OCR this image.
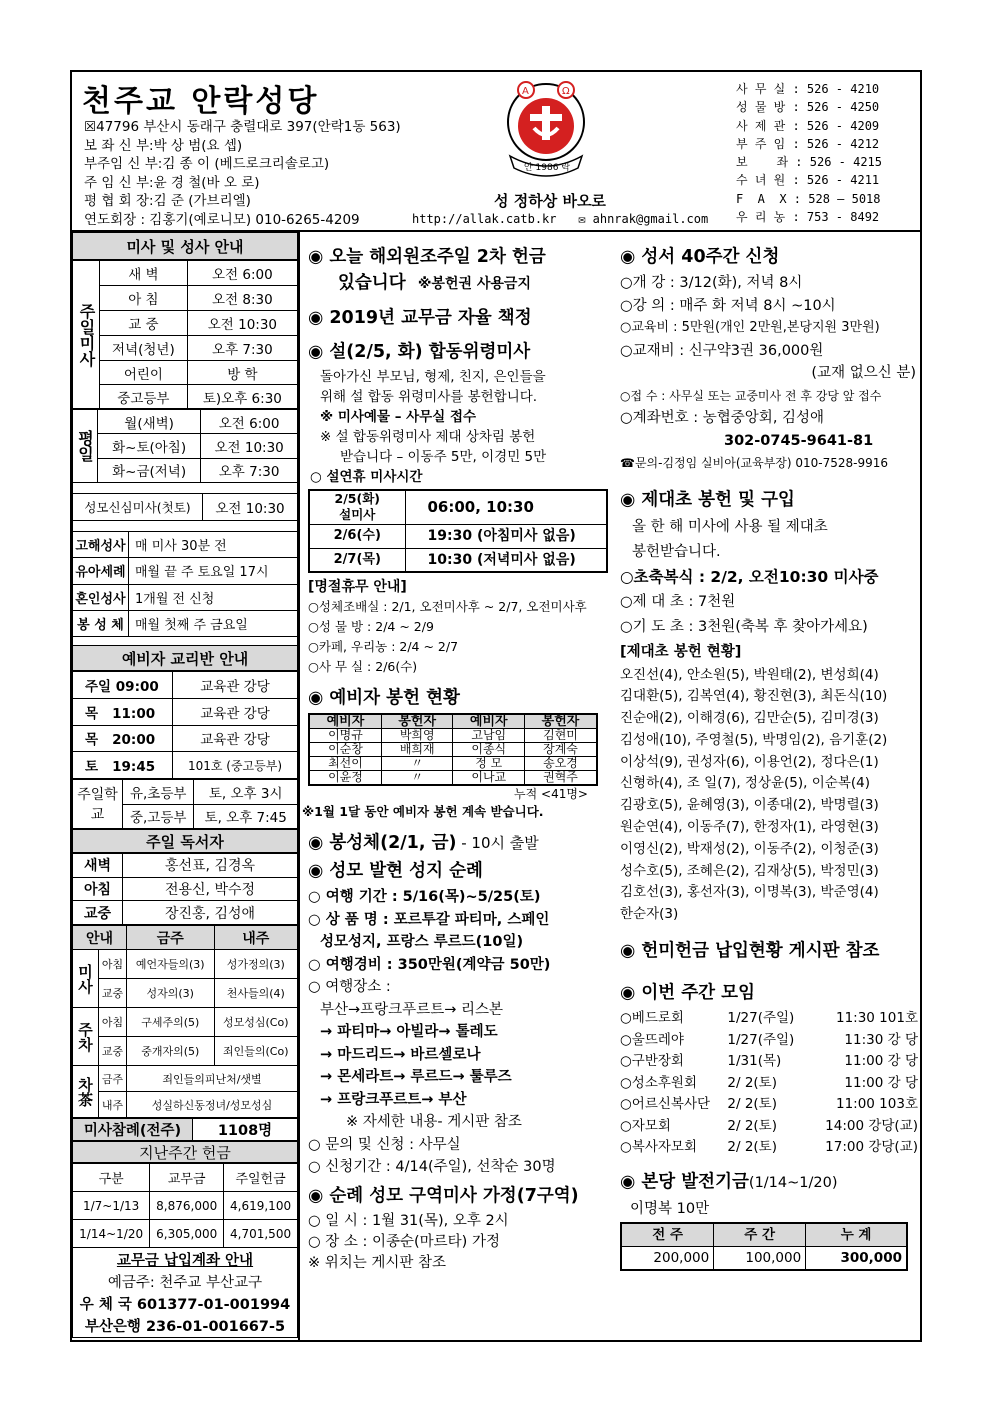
천주교 안락성당
☒47796 부산시 동래구 충렬대로 397(안락1동 563)
보 좌 신 부:박 상 범(요 셉)
부주임 신 부:김 종 이 (베드로크리솔로고)
주 임 신 부:윤 경 철(바 오 로)
평 협 회 장:김 준 (가브리엘)
연도회장 : 김홍기(예로니모) 010-6265-4209
A	Ω
안 1986 락
성 정하상 바오로
http://allak.catb.kr ✉ ahnrak@gmail.com
사 무 실 : 526 - 4210
성 물 방 : 526 - 4250
사 제 관 : 526 - 4209
부 주 임 : 526 - 4212
보    좌 : 526 - 4215
수 녀 원 : 526 - 4211
F  A  X : 528 – 5018
우 리 농 : 753 - 8492
미사 및 성사 안내
주일미사	새 벽	오전 6:00
	아 침	오전 8:30
	교 중	오전 10:30
	저녁(청년)	오후 7:30
	어린이	방 학
	중고등부	토)오후 6:30
평일	월(새벽)	오전 6:00
	화~토(아침)	오전 10:30
	화~금(저녁)	오후 7:30
성모신심미사(첫토)	오전 10:30
고해성사	매 미사 30분 전
유아세례	매월 끝 주 토요일 17시
혼인성사	1개월 전 신청
봉 성 체	매월 첫째 주 금요일
예비자 교리반 안내
주일 09:00	교육관 강당
목   11:00	교육관 강당
목   20:00	교육관 강당
토   19:45	101호 (중고등부)
주일학교	유,초등부	토, 오후 3시
	중,고등부	토, 오후 7:45
주일 독서자
새벽	홍선표, 김경옥
아침	전용신, 박수정
교중	장진홍, 김성애
안내		금주	내주
미사	아침	예언자들의(3)	성가정의(3)
	교중	성자의(3)	천사들의(4)
주차	아침	구세주의(5)	성모성심(Co)
	교중	중개자의(5)	죄인들의(Co)
차茶	금주	죄인들의피난처/샛별	
	내주	성실하신동정녀/성모성심	
미사참례(전주)	1108명
지난주간 헌금
구분	교무금	주일헌금
1/7~1/13	8,876,000	4,619,100
1/14~1/20	6,305,000	4,701,500
교무금 납입계좌 안내
예금주: 천주교 부산교구
우 체 국 601377-01-001994
부산은행 236-01-001667-5
◉ 오늘 해외원조주일 2차 헌금
있습니다 ※봉헌권 사용금지
◉ 2019년 교무금 자율 책정
◉ 설(2/5, 화) 합동위령미사
돌아가신 부모님, 형제, 친지, 은인들을
위해 설 합동 위령미사를 봉헌합니다.
※ 미사예물 – 사무실 접수
※ 설 합동위령미사 제대 상차림 봉헌
받습니다 – 이동주 5만, 이경민 5만
○ 설연휴 미사시간
2/5(화)
설미사	06:00, 10:30
2/6(수)	19:30 (아침미사 없음)
2/7(목)	10:30 (저녁미사 없음)
[명절휴무 안내]
○성체조배실 : 2/1, 오전미사후 ~ 2/7, 오전미사후
○성 물 방 : 2/4 ~ 2/9
○카페, 우리농 : 2/4 ~ 2/7
○사 무 실 : 2/6(수)
◉ 예비자 봉헌 현황
예비자	봉헌자	예비자	봉헌자
이명규	박희영	고남임	김현미
이순창	배희재	이종식	장계숙
최선이	〃	정 모	송오경
이윤정	〃	이나교	권혁주
누적 <41명>
※1월 1달 동안 예비자 봉헌 계속 받습니다.
◉ 봉성체(2/1, 금) - 10시 출발
◉ 성모 발현 성지 순례
○ 여행 기간 : 5/16(목)~5/25(토)
○ 상 품 명 : 포르투갈 파티마, 스페인
성모성지, 프랑스 루르드(10일)
○ 여행경비 : 350만원(계약금 50만)
○ 여행장소 :
부산→프랑크푸르트→ 리스본
→ 파티마→ 아빌라→ 톨레도
→ 마드리드→ 바르셀로나
→ 몬세라트→ 루르드→ 툴루즈
→ 프랑크푸르트→ 부산
※ 자세한 내용- 게시판 참조
○ 문의 및 신청 : 사무실
○ 신청기간 : 4/14(주일), 선착순 30명
◉ 순례 성모 구역미사 가정(7구역)
○ 일 시 : 1월 31(목), 오후 2시
○ 장 소 : 이종순(마르타) 가정
※ 위치는 게시판 참조
◉ 성서 40주간 신청
○개 강 : 3/12(화), 저녁 8시
○강 의 : 매주 화 저녁 8시 ~10시
○교육비 : 5만원(개인 2만원,본당지원 3만원)
○교재비 : 신구약3권 36,000원
(교재 없으신 분)
○접 수 : 사무실 또는 교중미사 전 후 강당 앞 접수
○계좌번호 : 농협중앙회, 김성애
302-0745-9641-81
☎문의-김정임 실비아(교육부장) 010-7528-9916
◉ 제대초 봉헌 및 구입
올 한 해 미사에 사용 될 제대초
봉헌받습니다.
○초축복식 : 2/2, 오전10:30 미사중
○제 대 초 : 7천원
○기 도 초 : 3천원(축복 후 찾아가세요)
[제대초 봉헌 현황]
오진선(4), 안소원(5), 박원태(2), 변성희(4)
김대환(5), 김복연(4), 황진현(3), 최돈식(10)
진순애(2), 이해경(6), 김만순(5), 김미경(3)
김성애(10), 주영철(5), 박명임(2), 음기훈(2)
이상석(9), 권성자(6), 이용언(2), 정다은(1)
신형하(4), 조 일(7), 정상윤(5), 이순복(4)
김광호(5), 윤혜영(3), 이종대(2), 박명렬(3)
원순연(4), 이동주(7), 한정자(1), 라영현(3)
이영신(2), 박재성(2), 이동주(2), 이청준(3)
성수호(5), 조혜은(2), 김재상(5), 박정민(3)
김호선(3), 홍선자(3), 이명복(3), 박준영(4)
한순자(3)
◉ 헌미헌금 납입현황 게시판 참조
◉ 이번 주간 모임
○베드로회	1/27(주일)	11:30 101호
○울뜨레야	1/27(주일)	11:30 강 당
○구반장회	1/31(목)	11:00 강 당
○성소후원회	2/ 2(토)	11:00 강 당
○어르신복사단	2/ 2(토)	11:00 103호
○자모회	2/ 2(토)	14:00 강당(교)
○복사자모회	2/ 2(토)	17:00 강당(교)
◉ 본당 발전기금(1/14~1/20)
이명복 10만
전 주	주 간	누 계
200,000	100,000	300,000
